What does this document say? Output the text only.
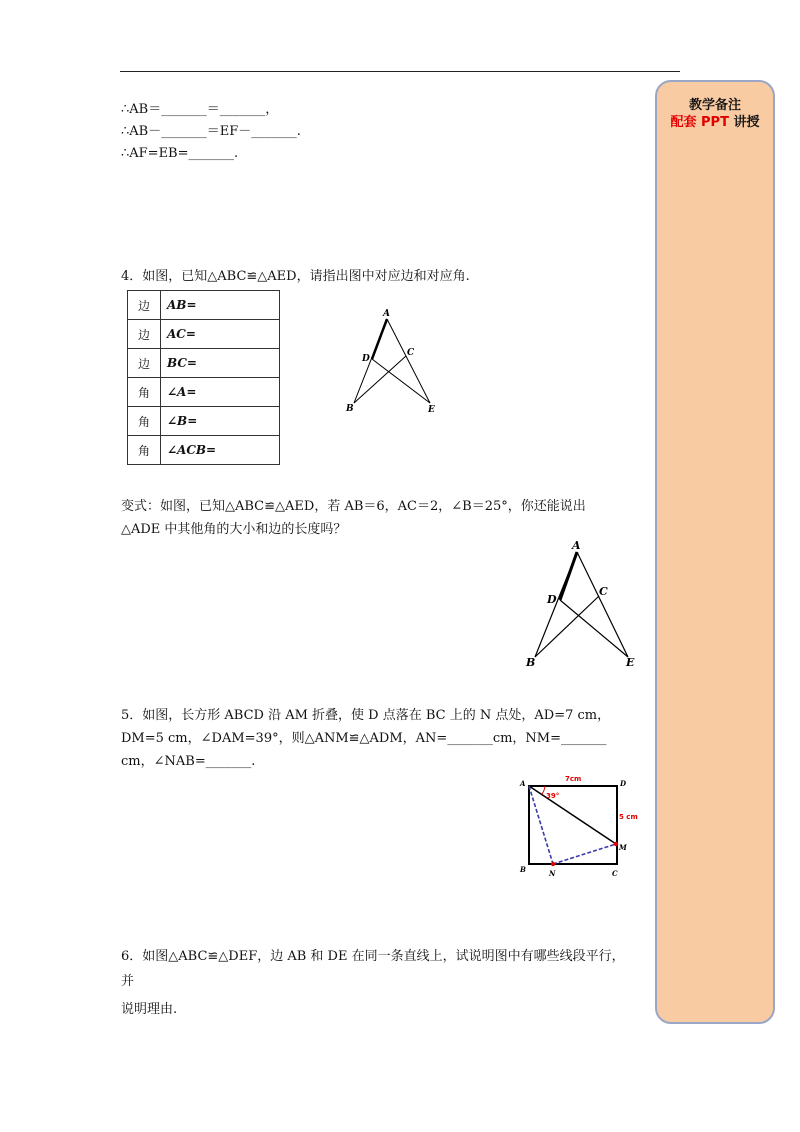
∴AB＝_______＝_______，
∴AB－_______＝EF－_______.
∴AF=EB=_______.
教学备注
配套 PPT 讲授
4．如图，已知△ABC≌△AED，请指出图中对应边和对应角.
边	AB=
边	AC=
边	BC=
角	∠A=
角	∠B=
角	∠ACB=
A
B
C
D
E
变式：如图，已知△ABC≌△AED，若 AB＝6，AC＝2，∠B＝25°，你还能说出
△ADE 中其他角的大小和边的长度吗？
A
B
C
D
E
5．如图，长方形 ABCD 沿 AM 折叠，使 D 点落在 BC 上的 N 点处，AD=7 cm，
DM=5 cm，∠DAM=39°，则△ANM≌△ADM，AN=_______cm，NM=_______
cm，∠NAB=_______.
7cm
5 cm
39°
A	D
B	N	C
M
6．如图△ABC≌△DEF，边 AB 和 DE 在同一条直线上，试说明图中有哪些线段平行，
并
说明理由.
